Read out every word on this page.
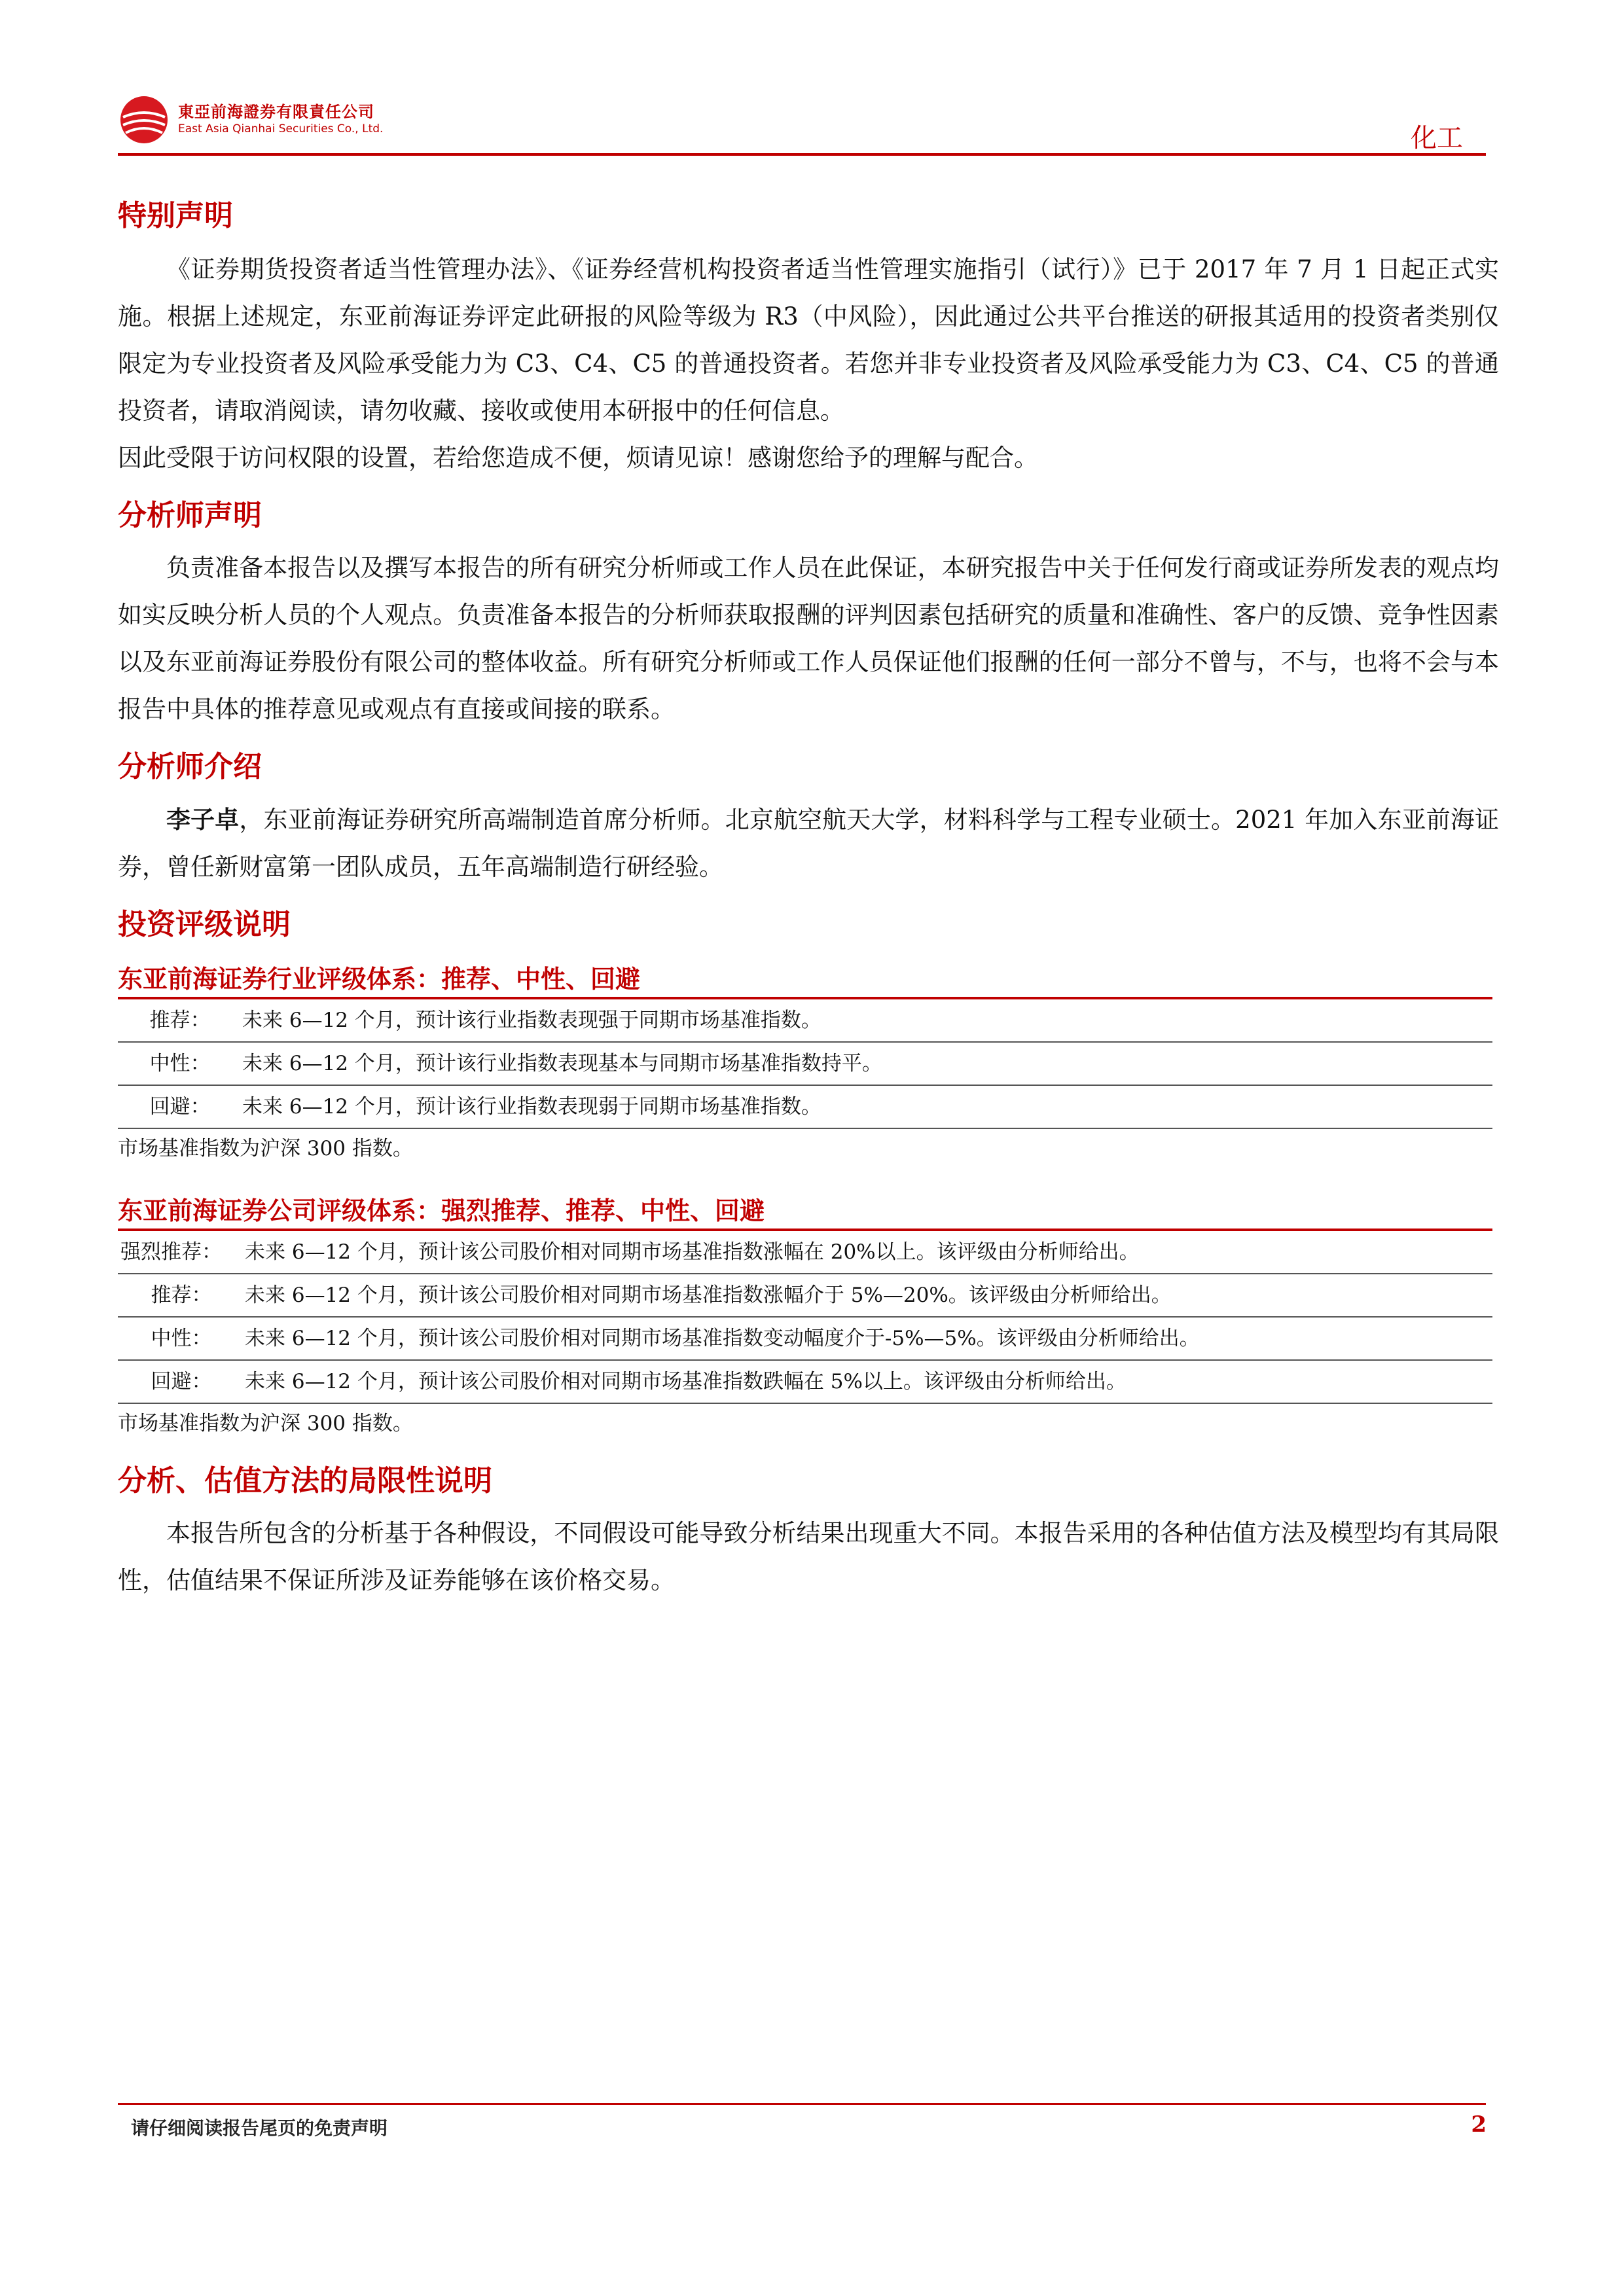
東亞前海證券有限責任公司
East Asia Qianhai Securities Co., Ltd.	化工
特别声明

《证券期货投资者适当性管理办法》、《证券经营机构投资者适当性管理实施指引（试行）》已于 2017 年 7 月 1 日起正式实施。根据上述规定，东亚前海证券评定此研报的风险等级为 R3（中风险），因此通过公共平台推送的研报其适用的投资者类别仅限定为专业投资者及风险承受能力为 C3、C4、C5 的普通投资者。若您并非专业投资者及风险承受能力为 C3、C4、C5 的普通投资者，请取消阅读，请勿收藏、接收或使用本研报中的任何信息。

因此受限于访问权限的设置，若给您造成不便，烦请见谅！感谢您给予的理解与配合。

分析师声明

负责准备本报告以及撰写本报告的所有研究分析师或工作人员在此保证，本研究报告中关于任何发行商或证券所发表的观点均如实反映分析人员的个人观点。负责准备本报告的分析师获取报酬的评判因素包括研究的质量和准确性、客户的反馈、竞争性因素以及东亚前海证券股份有限公司的整体收益。所有研究分析师或工作人员保证他们报酬的任何一部分不曾与，不与，也将不会与本报告中具体的推荐意见或观点有直接或间接的联系。

分析师介绍

李子卓，东亚前海证券研究所高端制造首席分析师。北京航空航天大学，材料科学与工程专业硕士。2021 年加入东亚前海证券，曾任新财富第一团队成员，五年高端制造行研经验。

投资评级说明

东亚前海证券行业评级体系：推荐、中性、回避

推荐：	未来 6—12 个月，预计该行业指数表现强于同期市场基准指数。
中性：	未来 6—12 个月，预计该行业指数表现基本与同期市场基准指数持平。
回避：	未来 6—12 个月，预计该行业指数表现弱于同期市场基准指数。

市场基准指数为沪深 300 指数。

东亚前海证券公司评级体系：强烈推荐、推荐、中性、回避

强烈推荐：	未来 6—12 个月，预计该公司股价相对同期市场基准指数涨幅在 20%以上。该评级由分析师给出。
推荐：	未来 6—12 个月，预计该公司股价相对同期市场基准指数涨幅介于 5%—20%。该评级由分析师给出。
中性：	未来 6—12 个月，预计该公司股价相对同期市场基准指数变动幅度介于-5%—5%。该评级由分析师给出。
回避：	未来 6—12 个月，预计该公司股价相对同期市场基准指数跌幅在 5%以上。该评级由分析师给出。

市场基准指数为沪深 300 指数。

分析、估值方法的局限性说明

本报告所包含的分析基于各种假设，不同假设可能导致分析结果出现重大不同。本报告采用的各种估值方法及模型均有其局限性，估值结果不保证所涉及证券能够在该价格交易。

请仔细阅读报告尾页的免责声明	2
